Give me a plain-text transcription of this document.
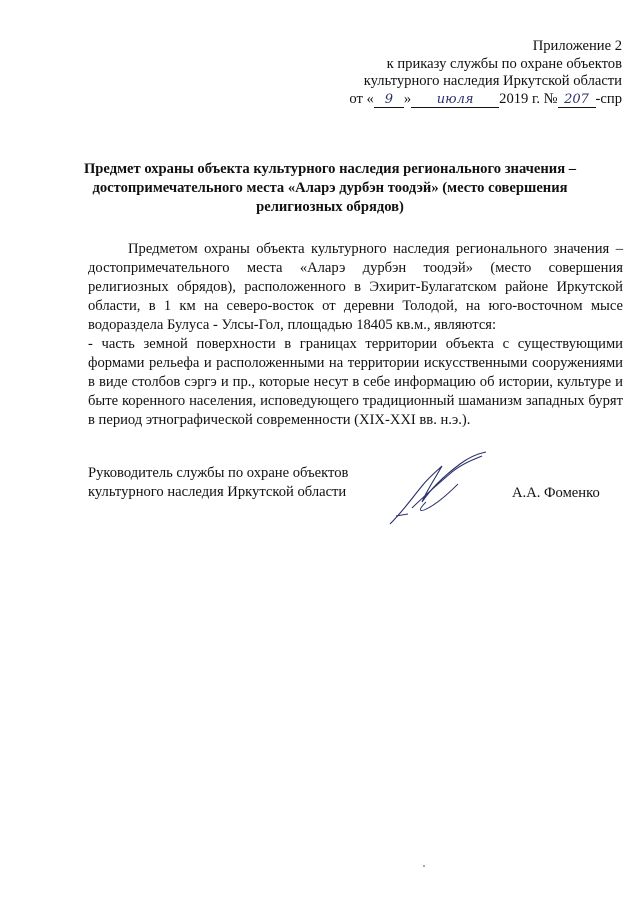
Приложение 2
к приказу службы по охране объектов
культурного наследия Иркутской области
от « 9 » июля 2019 г. № 207 -спр
Предмет охраны объекта культурного наследия регионального значения –
достопримечательного места «Аларэ дурбэн тоодэй» (место совершения
религиозных обрядов)

Предметом охраны объекта культурного наследия регионального значения – достопримечательного места «Аларэ дурбэн тоодэй» (место совершения религиозных обрядов), расположенного в Эхирит-Булагатском районе Иркутской области, в 1 км на северо-восток от деревни Толодой, на юго-восточном мысе водораздела Булуса - Улсы-Гол, площадью 18405 кв.м., являются:

- часть земной поверхности в границах территории объекта с существующими формами рельефа и расположенными на территории искусственными сооружениями в виде столбов сэргэ и пр., которые несут в себе информацию об истории, культуре и быте коренного населения, исповедующего традиционный шаманизм западных бурят в период этнографической современности (XIX-XXI вв. н.э.).

Руководитель службы по охране объектов
культурного наследия Иркутской области	А.А. Фоменко
